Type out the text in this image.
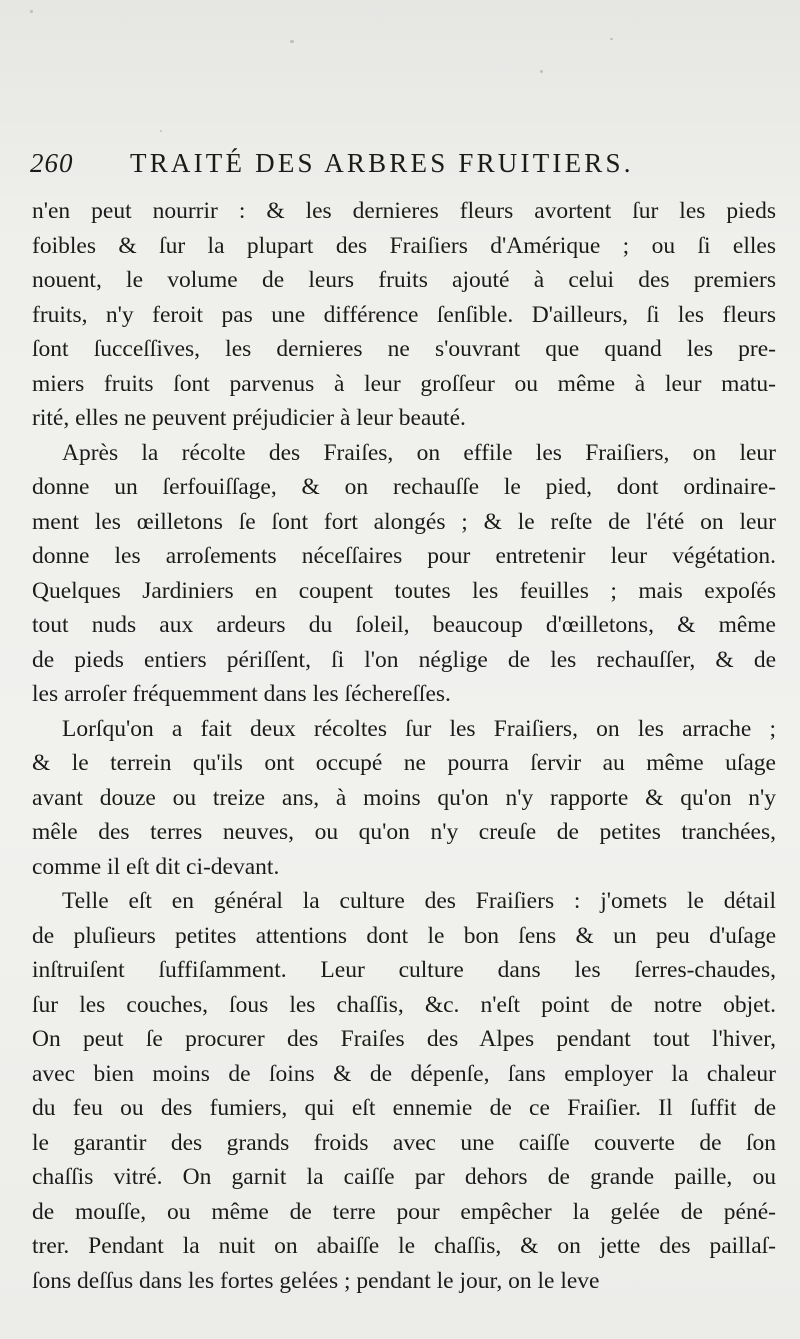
260	TRAITÉ DES ARBRES FRUITIERS.
n'en peut nourrir : & les dernieres fleurs avortent ſur les pieds
foibles & ſur la plupart des Fraiſiers d'Amérique ; ou ſi elles
nouent, le volume de leurs fruits ajouté à celui des premiers
fruits, n'y feroit pas une différence ſenſible. D'ailleurs, ſi les fleurs
ſont ſucceſſives, les dernieres ne s'ouvrant que quand les pre-
miers fruits ſont parvenus à leur groſſeur ou même à leur matu-
rité, elles ne peuvent préjudicier à leur beauté.
Après la récolte des Fraiſes, on effile les Fraiſiers, on leur
donne un ſerfouiſſage, & on rechauſſe le pied, dont ordinaire-
ment les œilletons ſe ſont fort alongés ; & le reſte de l'été on leur
donne les arroſements néceſſaires pour entretenir leur végétation.
Quelques Jardiniers en coupent toutes les feuilles ; mais expoſés
tout nuds aux ardeurs du ſoleil, beaucoup d'œilletons, & même
de pieds entiers périſſent, ſi l'on néglige de les rechauſſer, & de
les arroſer fréquemment dans les ſéchereſſes.
Lorſqu'on a fait deux récoltes ſur les Fraiſiers, on les arrache ;
& le terrein qu'ils ont occupé ne pourra ſervir au même uſage
avant douze ou treize ans, à moins qu'on n'y rapporte & qu'on n'y
mêle des terres neuves, ou qu'on n'y creuſe de petites tranchées,
comme il eſt dit ci-devant.
Telle eſt en général la culture des Fraiſiers : j'omets le détail
de pluſieurs petites attentions dont le bon ſens & un peu d'uſage
inſtruiſent ſuffiſamment. Leur culture dans les ſerres-chaudes,
ſur les couches, ſous les chaſſis, &c. n'eſt point de notre objet.
On peut ſe procurer des Fraiſes des Alpes pendant tout l'hiver,
avec bien moins de ſoins & de dépenſe, ſans employer la chaleur
du feu ou des fumiers, qui eſt ennemie de ce Fraiſier. Il ſuffit de
le garantir des grands froids avec une caiſſe couverte de ſon
chaſſis vitré. On garnit la caiſſe par dehors de grande paille, ou
de mouſſe, ou même de terre pour empêcher la gelée de péné-
trer. Pendant la nuit on abaiſſe le chaſſis, & on jette des paillaſ-
ſons deſſus dans les fortes gelées ; pendant le jour, on le leve
